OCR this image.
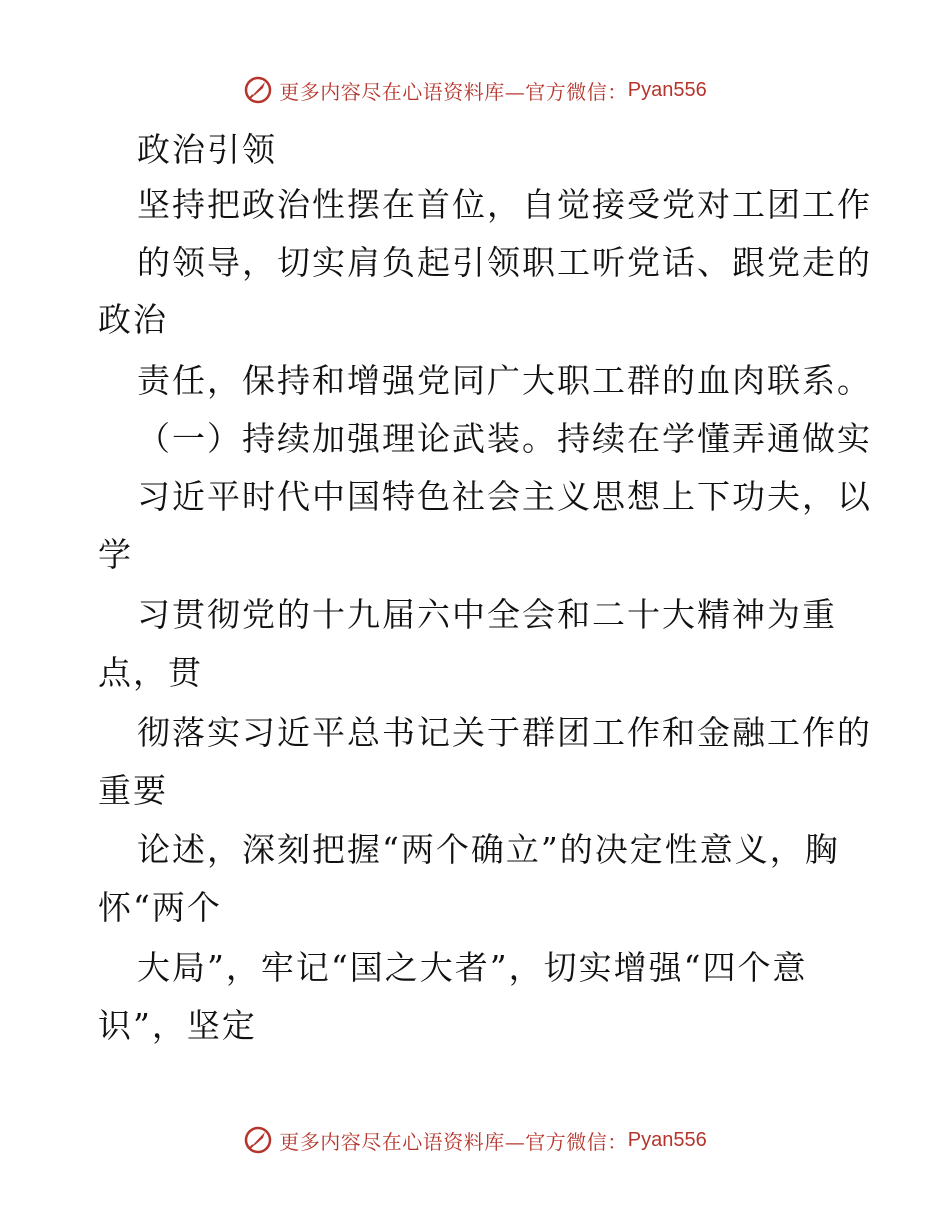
更多内容尽在心语资料库—官方微信： Pyan556
政治引领
坚持把政治性摆在首位，自觉接受党对工团工作
的领导，切实肩负起引领职工听党话、跟党走的
政治
责任，保持和增强党同广大职工群的血肉联系。
（一）持续加强理论武装。持续在学懂弄通做实
习近平时代中国特色社会主义思想上下功夫，以
学
习贯彻党的十九届六中全会和二十大精神为重
点，贯
彻落实习近平总书记关于群团工作和金融工作的
重要
论述，深刻把握“两个确立”的决定性意义，胸
怀“两个
大局”，牢记“国之大者”，切实增强“四个意
识”，坚定
更多内容尽在心语资料库—官方微信： Pyan556
